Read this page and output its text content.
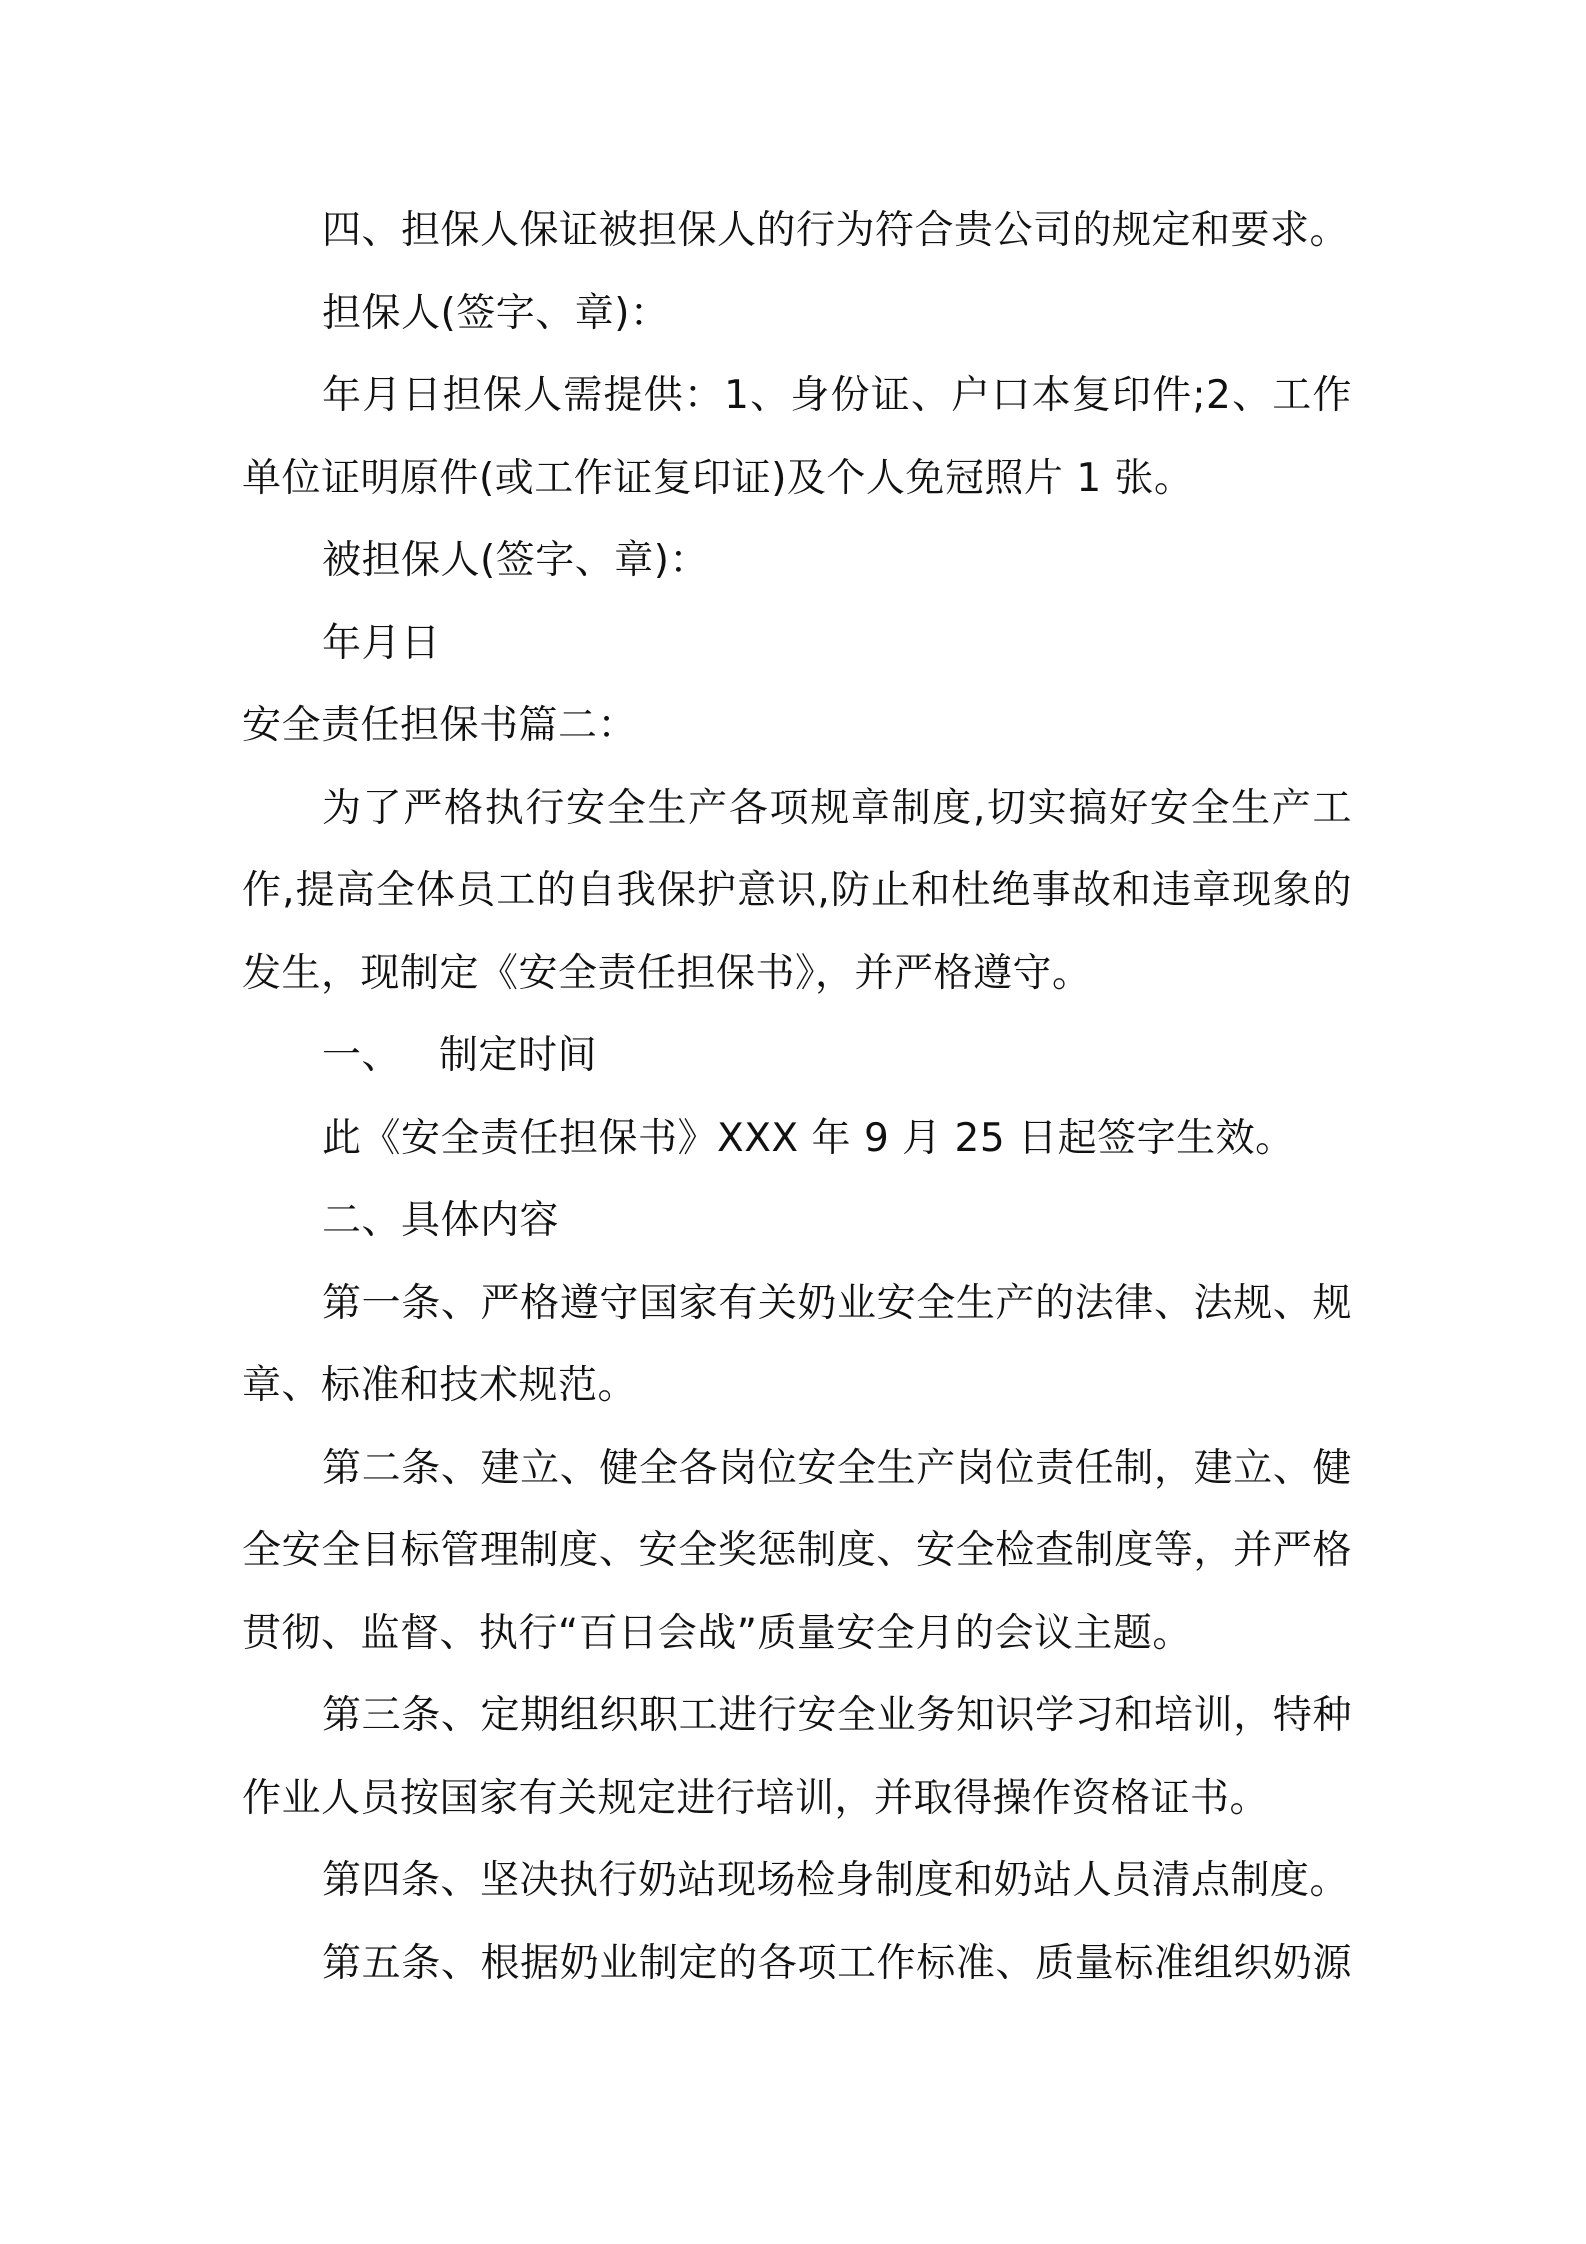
四、担保人保证被担保人的行为符合贵公司的规定和要求。
担保人(签字、章)：
年月日担保人需提供：1、身份证、户口本复印件;2、工作
单位证明原件(或工作证复印证)及个人免冠照片 1 张。
被担保人(签字、章)：
年月日
安全责任担保书篇二：
为了严格执行安全生产各项规章制度,切实搞好安全生产工
作,提高全体员工的自我保护意识,防止和杜绝事故和违章现象的
发生，现制定《安全责任担保书》，并严格遵守。
一、 制定时间
此《安全责任担保书》XXX 年 9 月 25 日起签字生效。
二、具体内容
第一条、严格遵守国家有关奶业安全生产的法律、法规、规
章、标准和技术规范。
第二条、建立、健全各岗位安全生产岗位责任制，建立、健
全安全目标管理制度、安全奖惩制度、安全检查制度等，并严格
贯彻、监督、执行“百日会战”质量安全月的会议主题。
第三条、定期组织职工进行安全业务知识学习和培训，特种
作业人员按国家有关规定进行培训，并取得操作资格证书。
第四条、坚决执行奶站现场检身制度和奶站人员清点制度。
第五条、根据奶业制定的各项工作标准、质量标准组织奶源
